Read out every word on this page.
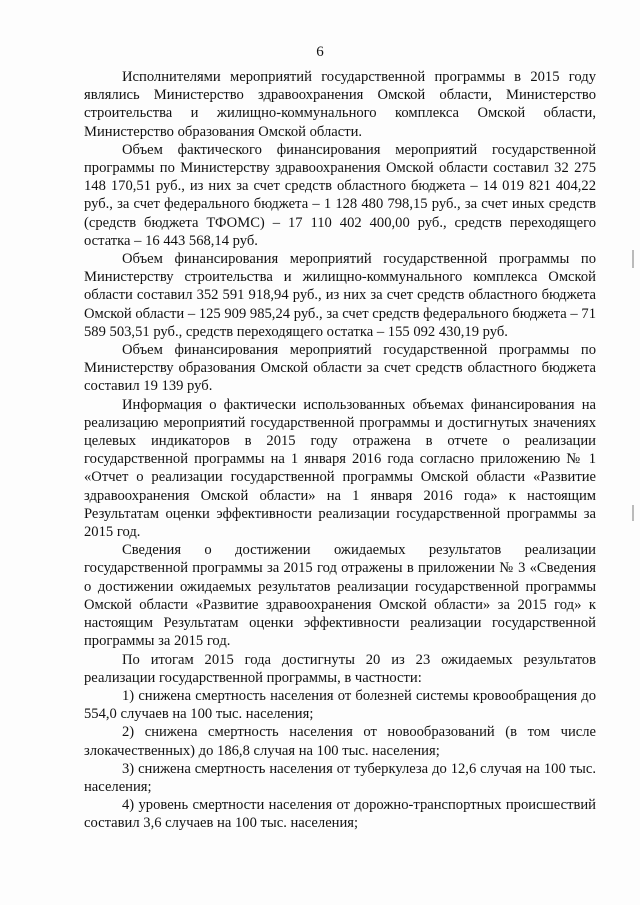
6

Исполнителями мероприятий государственной программы в 2015 году являлись Министерство здравоохранения Омской области, Министерство строительства и жилищно-коммунального комплекса Омской области, Министерство образования Омской области.

Объем фактического финансирования мероприятий государственной программы по Министерству здравоохранения Омской области составил 32 275 148 170,51 руб., из них за счет средств областного бюджета – 14 019 821 404,22 руб., за счет федерального бюджета – 1 128 480 798,15 руб., за счет иных средств (средств бюджета ТФОМС) – 17 110 402 400,00 руб., средств переходящего остатка – 16 443 568,14 руб.

Объем финансирования мероприятий государственной программы по Министерству строительства и жилищно-коммунального комплекса Омской области составил 352 591 918,94 руб., из них за счет средств областного бюджета Омской области – 125 909 985,24 руб., за счет средств федерального бюджета – 71 589 503,51 руб., средств переходящего остатка – 155 092 430,19 руб.

Объем финансирования мероприятий государственной программы по Министерству образования Омской области за счет средств областного бюджета составил 19 139 руб.

Информация о фактически использованных объемах финансирования на реализацию мероприятий государственной программы и достигнутых значениях целевых индикаторов в 2015 году отражена в отчете о реализации государственной программы на 1 января 2016 года согласно приложению № 1 «Отчет о реализации государственной программы Омской области «Развитие здравоохранения Омской области» на 1 января 2016 года» к настоящим Результатам оценки эффективности реализации государственной программы за 2015 год.

Сведения о достижении ожидаемых результатов реализации государственной программы за 2015 год отражены в приложении № 3 «Сведения о достижении ожидаемых результатов реализации государственной программы Омской области «Развитие здравоохранения Омской области» за 2015 год» к настоящим Результатам оценки эффективности реализации государственной программы за 2015 год.

По итогам 2015 года достигнуты 20 из 23 ожидаемых результатов реализации государственной программы, в частности:

1) снижена смертность населения от болезней системы кровообращения до 554,0 случаев на 100 тыс. населения;

2) снижена смертность населения от новообразований (в том числе злокачественных) до 186,8 случая на 100 тыс. населения;

3) снижена смертность населения от туберкулеза до 12,6 случая на 100 тыс. населения;

4) уровень смертности населения от дорожно-транспортных происшествий составил 3,6 случаев на 100 тыс. населения;
